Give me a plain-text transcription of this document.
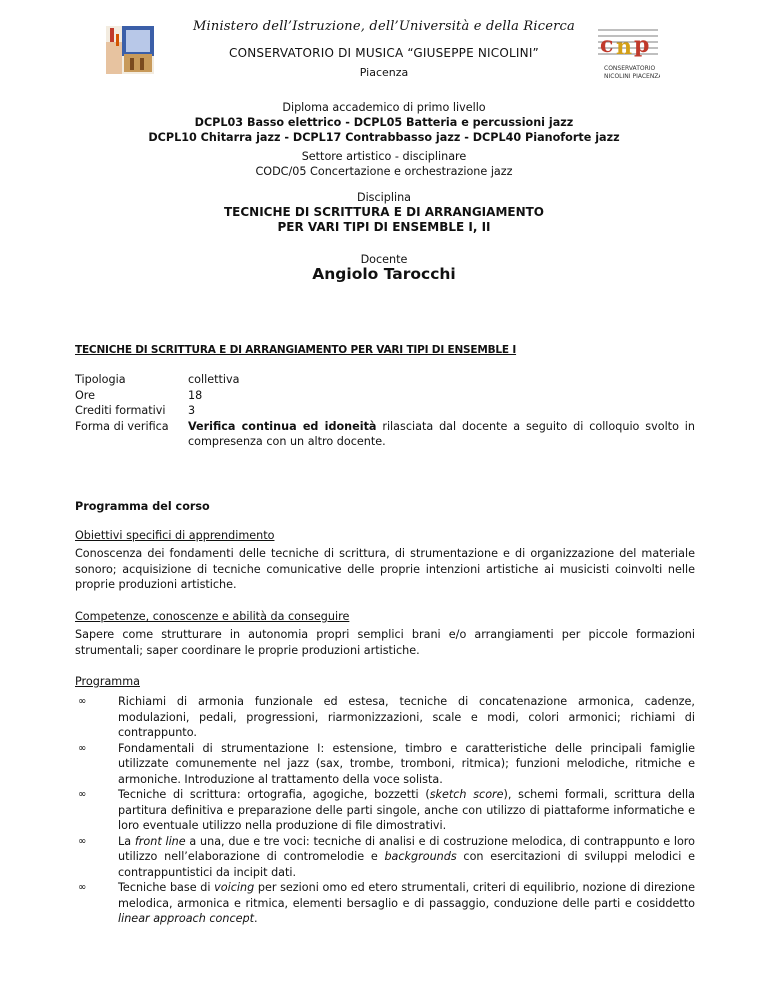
c n p
CONSERVATORIO
NICOLINI PIACENZA
Ministero dell’Istruzione, dell’Università e della Ricerca
CONSERVATORIO DI MUSICA “GIUSEPPE NICOLINI”
Piacenza
Diploma accademico di primo livello
DCPL03 Basso elettrico - DCPL05 Batteria e percussioni jazz
DCPL10 Chitarra jazz - DCPL17 Contrabbasso jazz - DCPL40 Pianoforte jazz
Settore artistico - disciplinare
CODC/05 Concertazione e orchestrazione jazz
Disciplina
TECNICHE DI SCRITTURA E DI ARRANGIAMENTO
PER VARI TIPI DI ENSEMBLE I, II
Docente
Angiolo Tarocchi
TECNICHE DI SCRITTURA E DI ARRANGIAMENTO PER VARI TIPI DI ENSEMBLE I
Tipologia	collettiva
Ore	18
Crediti formativi	3
Forma di verifica	Verifica continua ed idoneità rilasciata dal docente a seguito di colloquio svolto in compresenza con un altro docente.
Programma del corso
Obiettivi specifici di apprendimento
Conoscenza dei fondamenti delle tecniche di scrittura, di strumentazione e di organizzazione del materiale sonoro; acquisizione di tecniche comunicative delle proprie intenzioni artistiche ai musicisti coinvolti nelle proprie produzioni artistiche.
Competenze, conoscenze e abilità da conseguire
Sapere come strutturare in autonomia propri semplici brani e/o arrangiamenti per piccole formazioni strumentali; saper coordinare le proprie produzioni artistiche.
Programma
∞	Richiami di armonia funzionale ed estesa, tecniche di concatenazione armonica, cadenze, modulazioni, pedali, progressioni, riarmonizzazioni, scale e modi, colori armonici; richiami di contrappunto.
∞	Fondamentali di strumentazione I: estensione, timbro e caratteristiche delle principali famiglie utilizzate comunemente nel jazz (sax, trombe, tromboni, ritmica); funzioni melodiche, ritmiche e armoniche. Introduzione al trattamento della voce solista.
∞	Tecniche di scrittura: ortografia, agogiche, bozzetti (sketch score), schemi formali, scrittura della partitura definitiva e preparazione delle parti singole, anche con utilizzo di piattaforme informatiche e loro eventuale utilizzo nella produzione di file dimostrativi.
∞	La front line a una, due e tre voci: tecniche di analisi e di costruzione melodica, di contrappunto e loro utilizzo nell’elaborazione di contromelodie e backgrounds con esercitazioni di sviluppi melodici e contrappuntistici da incipit dati.
∞	Tecniche base di voicing per sezioni omo ed etero strumentali, criteri di equilibrio, nozione di direzione melodica, armonica e ritmica, elementi bersaglio e di passaggio, conduzione delle parti e cosiddetto linear approach concept.
